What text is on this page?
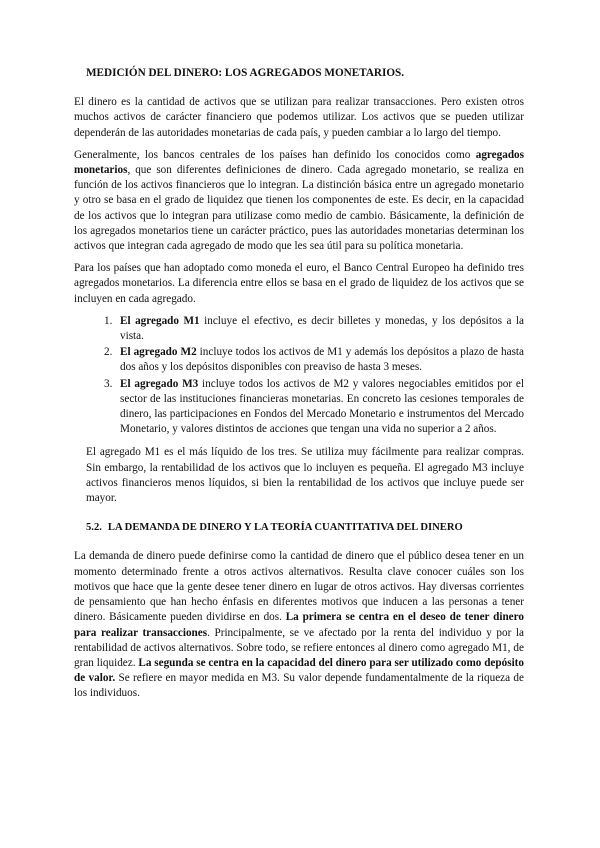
MEDICIÓN DEL DINERO: LOS AGREGADOS MONETARIOS.

El dinero es la cantidad de activos que se utilizan para realizar transacciones. Pero existen otros muchos activos de carácter financiero que podemos utilizar. Los activos que se pueden utilizar dependerán de las autoridades monetarias de cada país, y pueden cambiar a lo largo del tiempo.

Generalmente, los bancos centrales de los países han definido los conocidos como agregados monetarios, que son diferentes definiciones de dinero. Cada agregado monetario, se realiza en función de los activos financieros que lo integran. La distinción básica entre un agregado monetario y otro se basa en el grado de liquidez que tienen los componentes de este. Es decir, en la capacidad de los activos que lo integran para utilizase como medio de cambio. Básicamente, la definición de los agregados monetarios tiene un carácter práctico, pues las autoridades monetarias determinan los activos que integran cada agregado de modo que les sea útil para su política monetaria.

Para los países que han adoptado como moneda el euro, el Banco Central Europeo ha definido tres agregados monetarios. La diferencia entre ellos se basa en el grado de liquidez de los activos que se incluyen en cada agregado.

1. El agregado M1 incluye el efectivo, es decir billetes y monedas, y los depósitos a la vista.
2. El agregado M2 incluye todos los activos de M1 y además los depósitos a plazo de hasta dos años y los depósitos disponibles con preaviso de hasta 3 meses.
3. El agregado M3 incluye todos los activos de M2 y valores negociables emitidos por el sector de las instituciones financieras monetarias. En concreto las cesiones temporales de dinero, las participaciones en Fondos del Mercado Monetario e instrumentos del Mercado Monetario, y valores distintos de acciones que tengan una vida no superior a 2 años.

El agregado M1 es el más líquido de los tres. Se utiliza muy fácilmente para realizar compras. Sin embargo, la rentabilidad de los activos que lo incluyen es pequeña. El agregado M3 incluye activos financieros menos líquidos, si bien la rentabilidad de los activos que incluye puede ser mayor.

5.2. LA DEMANDA DE DINERO Y LA TEORÍA CUANTITATIVA DEL DINERO

La demanda de dinero puede definirse como la cantidad de dinero que el público desea tener en un momento determinado frente a otros activos alternativos. Resulta clave conocer cuáles son los motivos que hace que la gente desee tener dinero en lugar de otros activos. Hay diversas corrientes de pensamiento que han hecho énfasis en diferentes motivos que inducen a las personas a tener dinero. Básicamente pueden dividirse en dos. La primera se centra en el deseo de tener dinero para realizar transacciones. Principalmente, se ve afectado por la renta del individuo y por la rentabilidad de activos alternativos. Sobre todo, se refiere entonces al dinero como agregado M1, de gran liquidez. La segunda se centra en la capacidad del dinero para ser utilizado como depósito de valor. Se refiere en mayor medida en M3. Su valor depende fundamentalmente de la riqueza de los individuos.
